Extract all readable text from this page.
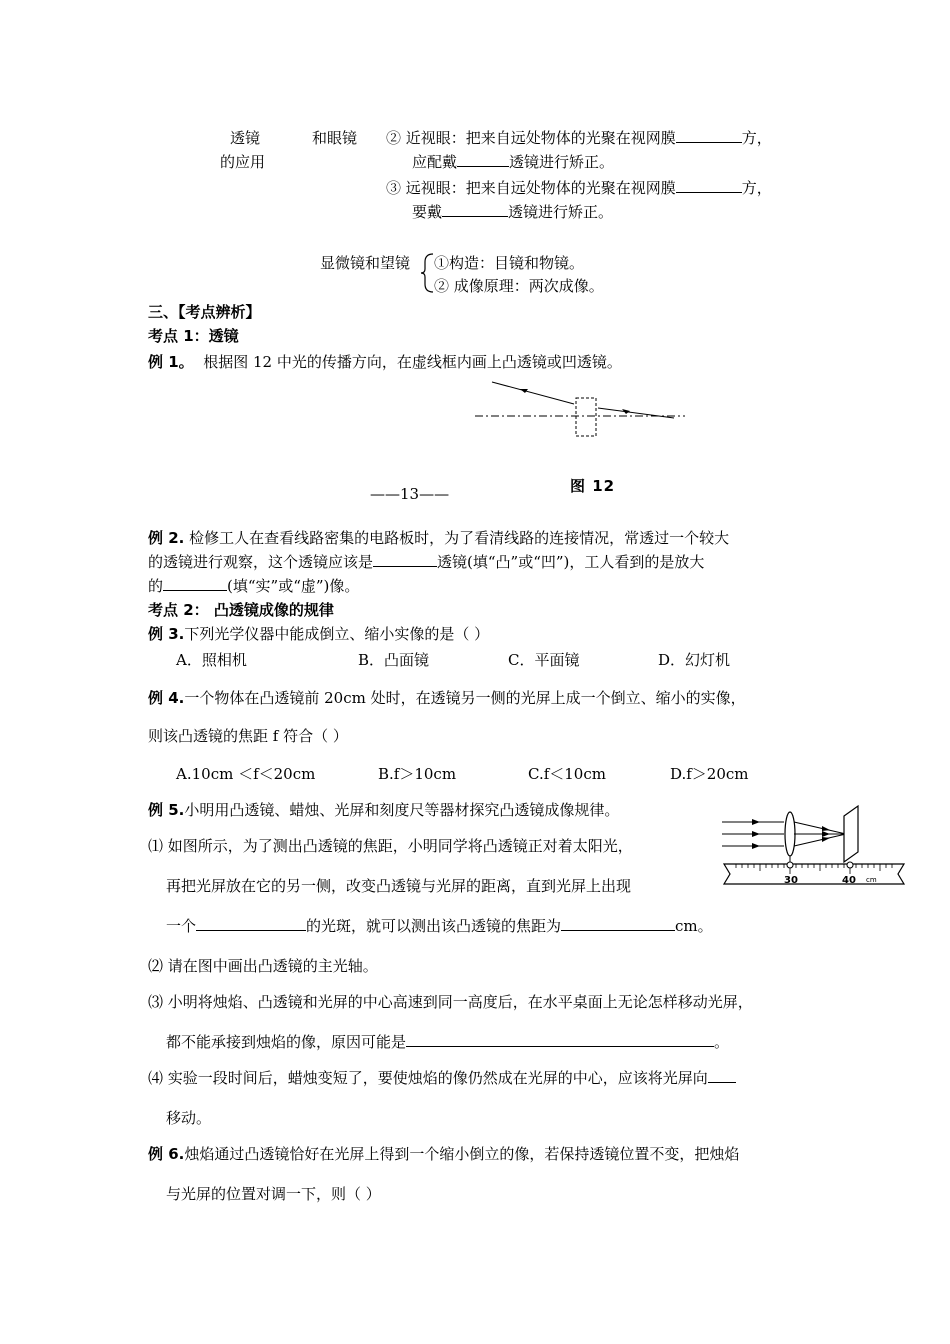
透镜
的应用
和眼镜 ② 近视眼：把来自远处物体的光聚在视网膜	方，
应配戴	透镜进行矫正。
③ 远视眼：把来自远处物体的光聚在视网膜	方，
要戴	透镜进行矫正。
显微镜和望镜 ①构造：目镜和物镜。
② 成像原理：两次成像。
三、【考点辨析】
考点 1：透镜
例 1。 根据图 12 中光的传播方向，在虚线框内画上凸透镜或凹透镜。
图 12
——13——
例 2. 检修工人在查看线路密集的电路板时，为了看清线路的连接情况，常透过一个较大
的透镜进行观察，这个透镜应该是	透镜(填“凸”或“凹”)，工人看到的是放大
的	(填“实”或“虚”)像。
考点 2： 凸透镜成像的规律
例 3.下列光学仪器中能成倒立、缩小实像的是（ ）
A．照相机	B．凸面镜	C．平面镜	D．幻灯机
例 4.一个物体在凸透镜前 20cm 处时，在透镜另一侧的光屏上成一个倒立、缩小的实像，
则该凸透镜的焦距 f 符合（ ）
A.10cm ＜f＜20cm	B.f＞10cm	C.f＜10cm	D.f＞20cm
例 5.小明用凸透镜、蜡烛、光屏和刻度尺等器材探究凸透镜成像规律。
⑴ 如图所示，为了测出凸透镜的焦距，小明同学将凸透镜正对着太阳光，
再把光屏放在它的另一侧，改变凸透镜与光屏的距离，直到光屏上出现
一个	的光斑，就可以测出该凸透镜的焦距为	cm。
30	40 cm
⑵ 请在图中画出凸透镜的主光轴。
⑶ 小明将烛焰、凸透镜和光屏的中心高速到同一高度后，在水平桌面上无论怎样移动光屏，
都不能承接到烛焰的像，原因可能是	。
⑷ 实验一段时间后，蜡烛变短了，要使烛焰的像仍然成在光屏的中心，应该将光屏向
移动。
例 6.烛焰通过凸透镜恰好在光屏上得到一个缩小倒立的像，若保持透镜位置不变，把烛焰
与光屏的位置对调一下，则（ ）
